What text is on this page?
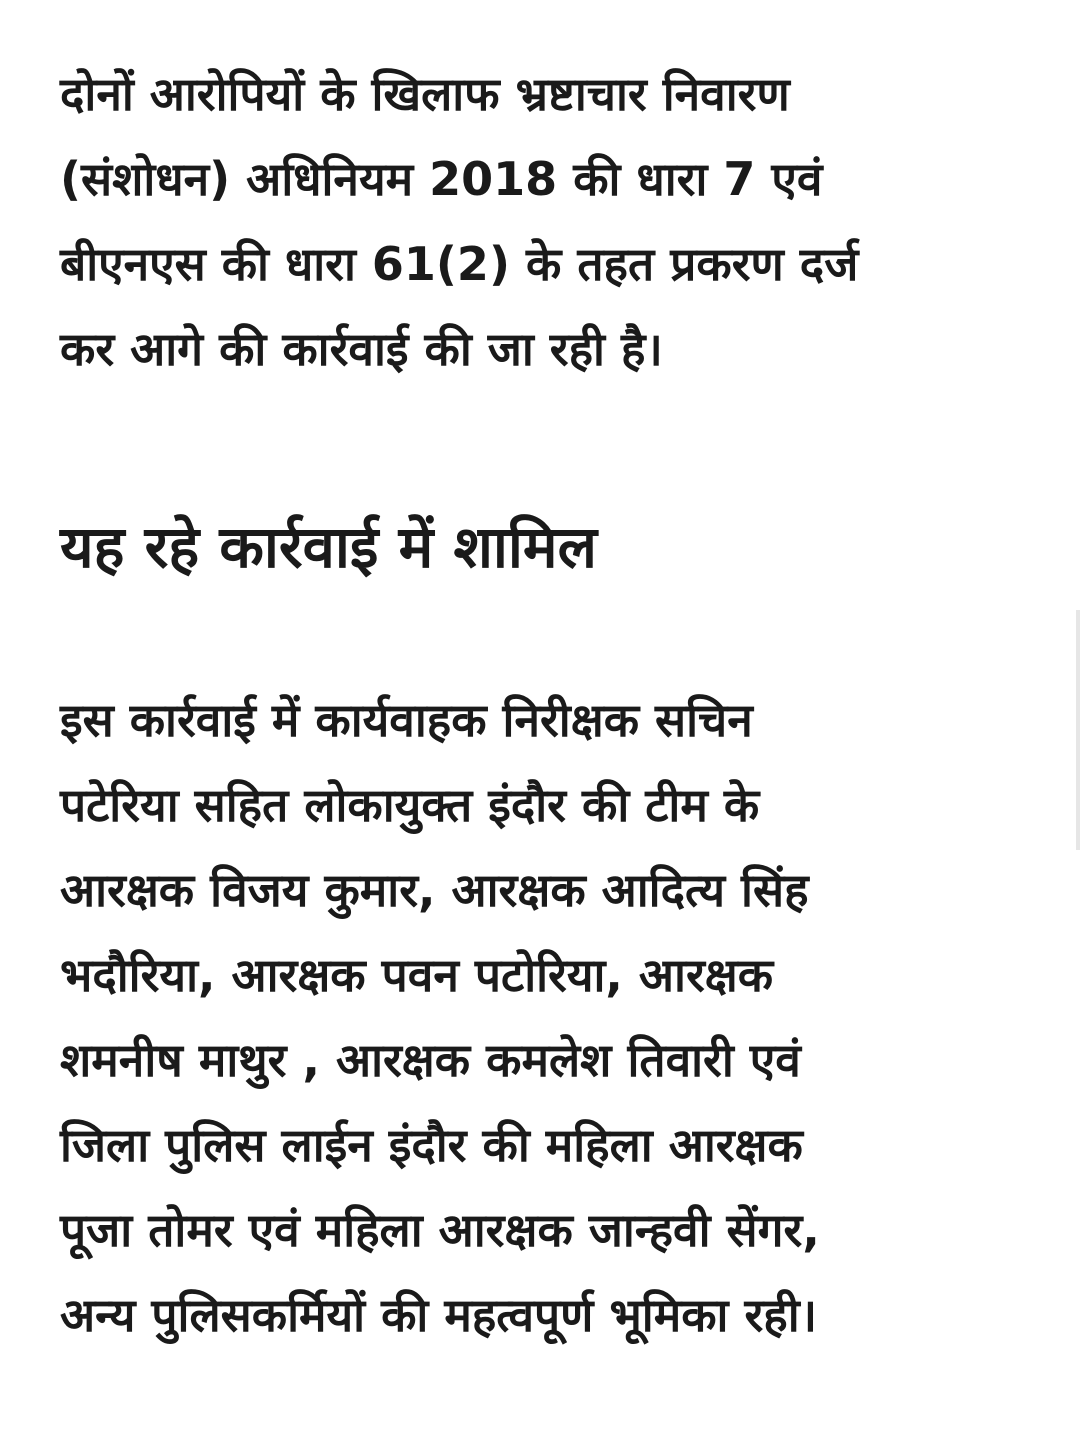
दोनों आरोपियों के खिलाफ भ्रष्टाचार निवारण
(संशोधन) अधिनियम 2018 की धारा 7 एवं
बीएनएस की धारा 61(2) के तहत प्रकरण दर्ज
कर आगे की कार्रवाई की जा रही है।

यह रहे कार्रवाई में शामिल

इस कार्रवाई में कार्यवाहक निरीक्षक सचिन
पटेरिया सहित लोकायुक्त इंदौर की टीम के
आरक्षक विजय कुमार, आरक्षक आदित्य सिंह
भदौरिया, आरक्षक पवन पटोरिया, आरक्षक
शमनीष माथुर , आरक्षक कमलेश तिवारी एवं
जिला पुलिस लाईन इंदौर की महिला आरक्षक
पूजा तोमर एवं महिला आरक्षक जान्हवी सेंगर,
अन्य पुलिसकर्मियों की महत्वपूर्ण भूमिका रही।
